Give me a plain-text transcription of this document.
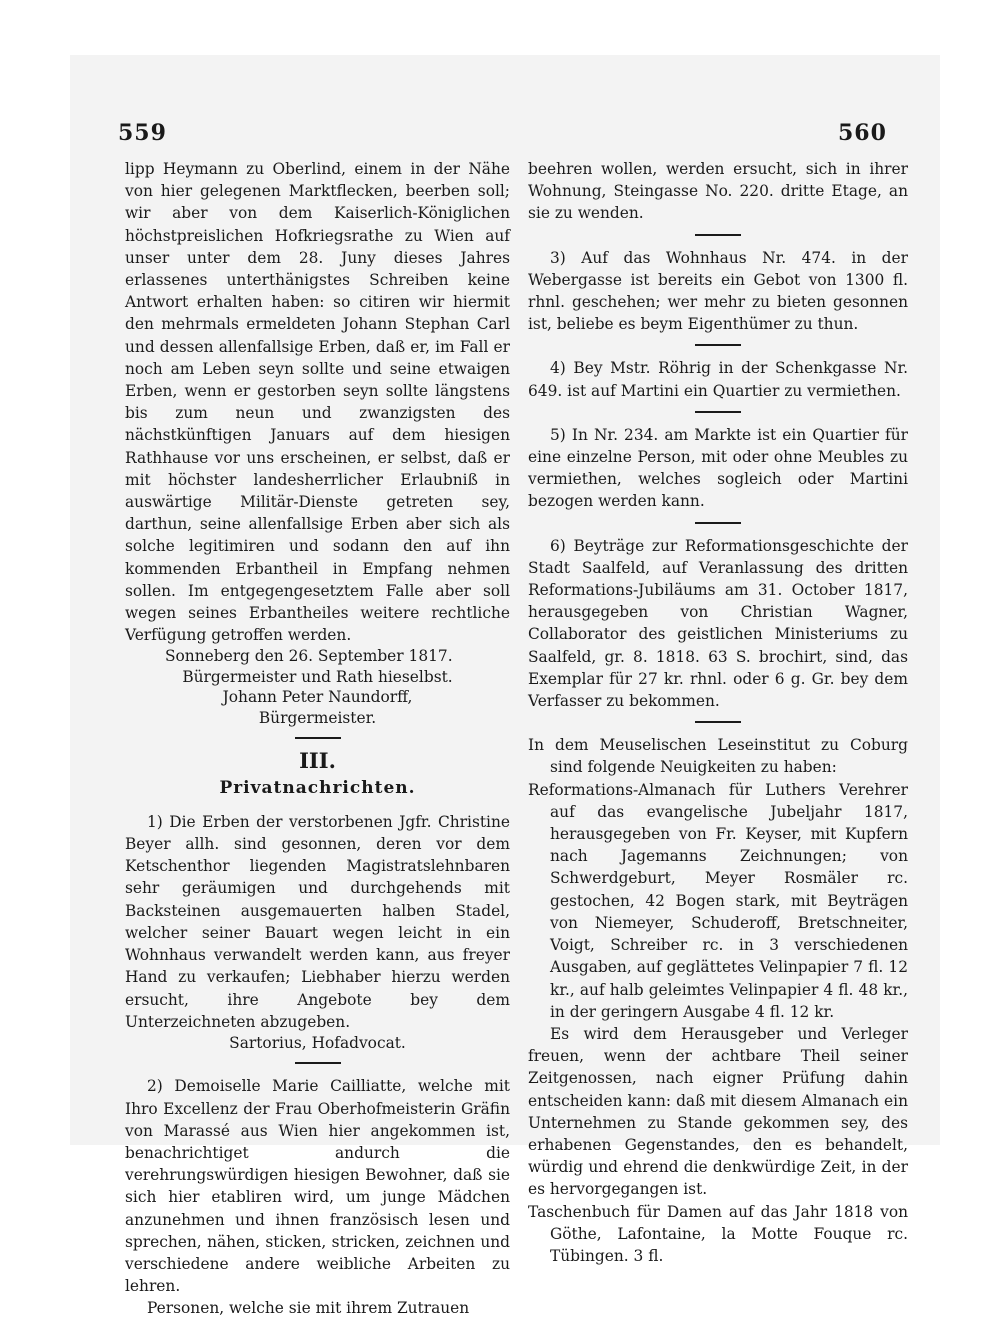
559	560

lipp Heymann zu Oberlind, einem in der Nähe von hier gelegenen Marktflecken, beerben soll; wir aber von dem Kaiserlich-Königlichen höchstpreislichen Hofkriegsrathe zu Wien auf unser unter dem 28. Juny dieses Jahres erlassenes unterthänigstes Schreiben keine Antwort erhalten haben: so citiren wir hiermit den mehrmals ermeldeten Johann Stephan Carl und dessen allenfallsige Erben, daß er, im Fall er noch am Leben seyn sollte und seine etwaigen Erben, wenn er gestorben seyn sollte längstens bis zum neun und zwanzigsten des nächstkünftigen Januars auf dem hiesigen Rathhause vor uns erscheinen, er selbst, daß er mit höchster landesherrlicher Erlaubniß in auswärtige Militär-Dienste getreten sey, darthun, seine allenfallsige Erben aber sich als solche legitimiren und sodann den auf ihn kommenden Erbantheil in Empfang nehmen sollen. Im entgegengesetztem Falle aber soll wegen seines Erbantheiles weitere rechtliche Verfügung getroffen werden.

Sonneberg den 26. September 1817.

Bürgermeister und Rath hieselbst.

Johann Peter Naundorff,

Bürgermeister.

III.
Privatnachrichten.

1) Die Erben der verstorbenen Jgfr. Christine Beyer allh. sind gesonnen, deren vor dem Ketschenthor liegenden Magistratslehnbaren sehr geräumigen und durchgehends mit Backsteinen ausgemauerten halben Stadel, welcher seiner Bauart wegen leicht in ein Wohnhaus verwandelt werden kann, aus freyer Hand zu verkaufen; Liebhaber hierzu werden ersucht, ihre Angebote bey dem Unterzeichneten abzugeben.

Sartorius, Hofadvocat.

2) Demoiselle Marie Cailliatte, welche mit Ihro Excellenz der Frau Oberhofmeisterin Gräfin von Marassé aus Wien hier angekommen ist, benachrichtiget andurch die verehrungswürdigen hiesigen Bewohner, daß sie sich hier etabliren wird, um junge Mädchen anzunehmen und ihnen französisch lesen und sprechen, nähen, sticken, stricken, zeichnen und verschiedene andere weibliche Arbeiten zu lehren.

Personen, welche sie mit ihrem Zutrauen

beehren wollen, werden ersucht, sich in ihrer Wohnung, Steingasse No. 220. dritte Etage, an sie zu wenden.

3) Auf das Wohnhaus Nr. 474. in der Webergasse ist bereits ein Gebot von 1300 fl. rhnl. geschehen; wer mehr zu bieten gesonnen ist, beliebe es beym Eigenthümer zu thun.

4) Bey Mstr. Röhrig in der Schenkgasse Nr. 649. ist auf Martini ein Quartier zu vermiethen.

5) In Nr. 234. am Markte ist ein Quartier für eine einzelne Person, mit oder ohne Meubles zu vermiethen, welches sogleich oder Martini bezogen werden kann.

6) Beyträge zur Reformationsgeschichte der Stadt Saalfeld, auf Veranlassung des dritten Reformations-Jubiläums am 31. October 1817, herausgegeben von Christian Wagner, Collaborator des geistlichen Ministeriums zu Saalfeld, gr. 8. 1818. 63 S. brochirt, sind, das Exemplar für 27 kr. rhnl. oder 6 g. Gr. bey dem Verfasser zu bekommen.

In dem Meuselischen Leseinstitut zu Coburg sind folgende Neuigkeiten zu haben:

Reformations-Almanach für Luthers Verehrer auf das evangelische Jubeljahr 1817, herausgegeben von Fr. Keyser, mit Kupfern nach Jagemanns Zeichnungen; von Schwerdgeburt, Meyer Rosmäler rc. gestochen, 42 Bogen stark, mit Beyträgen von Niemeyer, Schuderoff, Bretschneiter, Voigt, Schreiber rc. in 3 verschiedenen Ausgaben, auf geglättetes Velinpapier 7 fl. 12 kr., auf halb geleimtes Velinpapier 4 fl. 48 kr., in der geringern Ausgabe 4 fl. 12 kr.

Es wird dem Herausgeber und Verleger freuen, wenn der achtbare Theil seiner Zeitgenossen, nach eigner Prüfung dahin entscheiden kann: daß mit diesem Almanach ein Unternehmen zu Stande gekommen sey, des erhabenen Gegenstandes, den es behandelt, würdig und ehrend die denkwürdige Zeit, in der es hervorgegangen ist.

Taschenbuch für Damen auf das Jahr 1818 von Göthe, Lafontaine, la Motte Fouque rc. Tübingen. 3 fl.
